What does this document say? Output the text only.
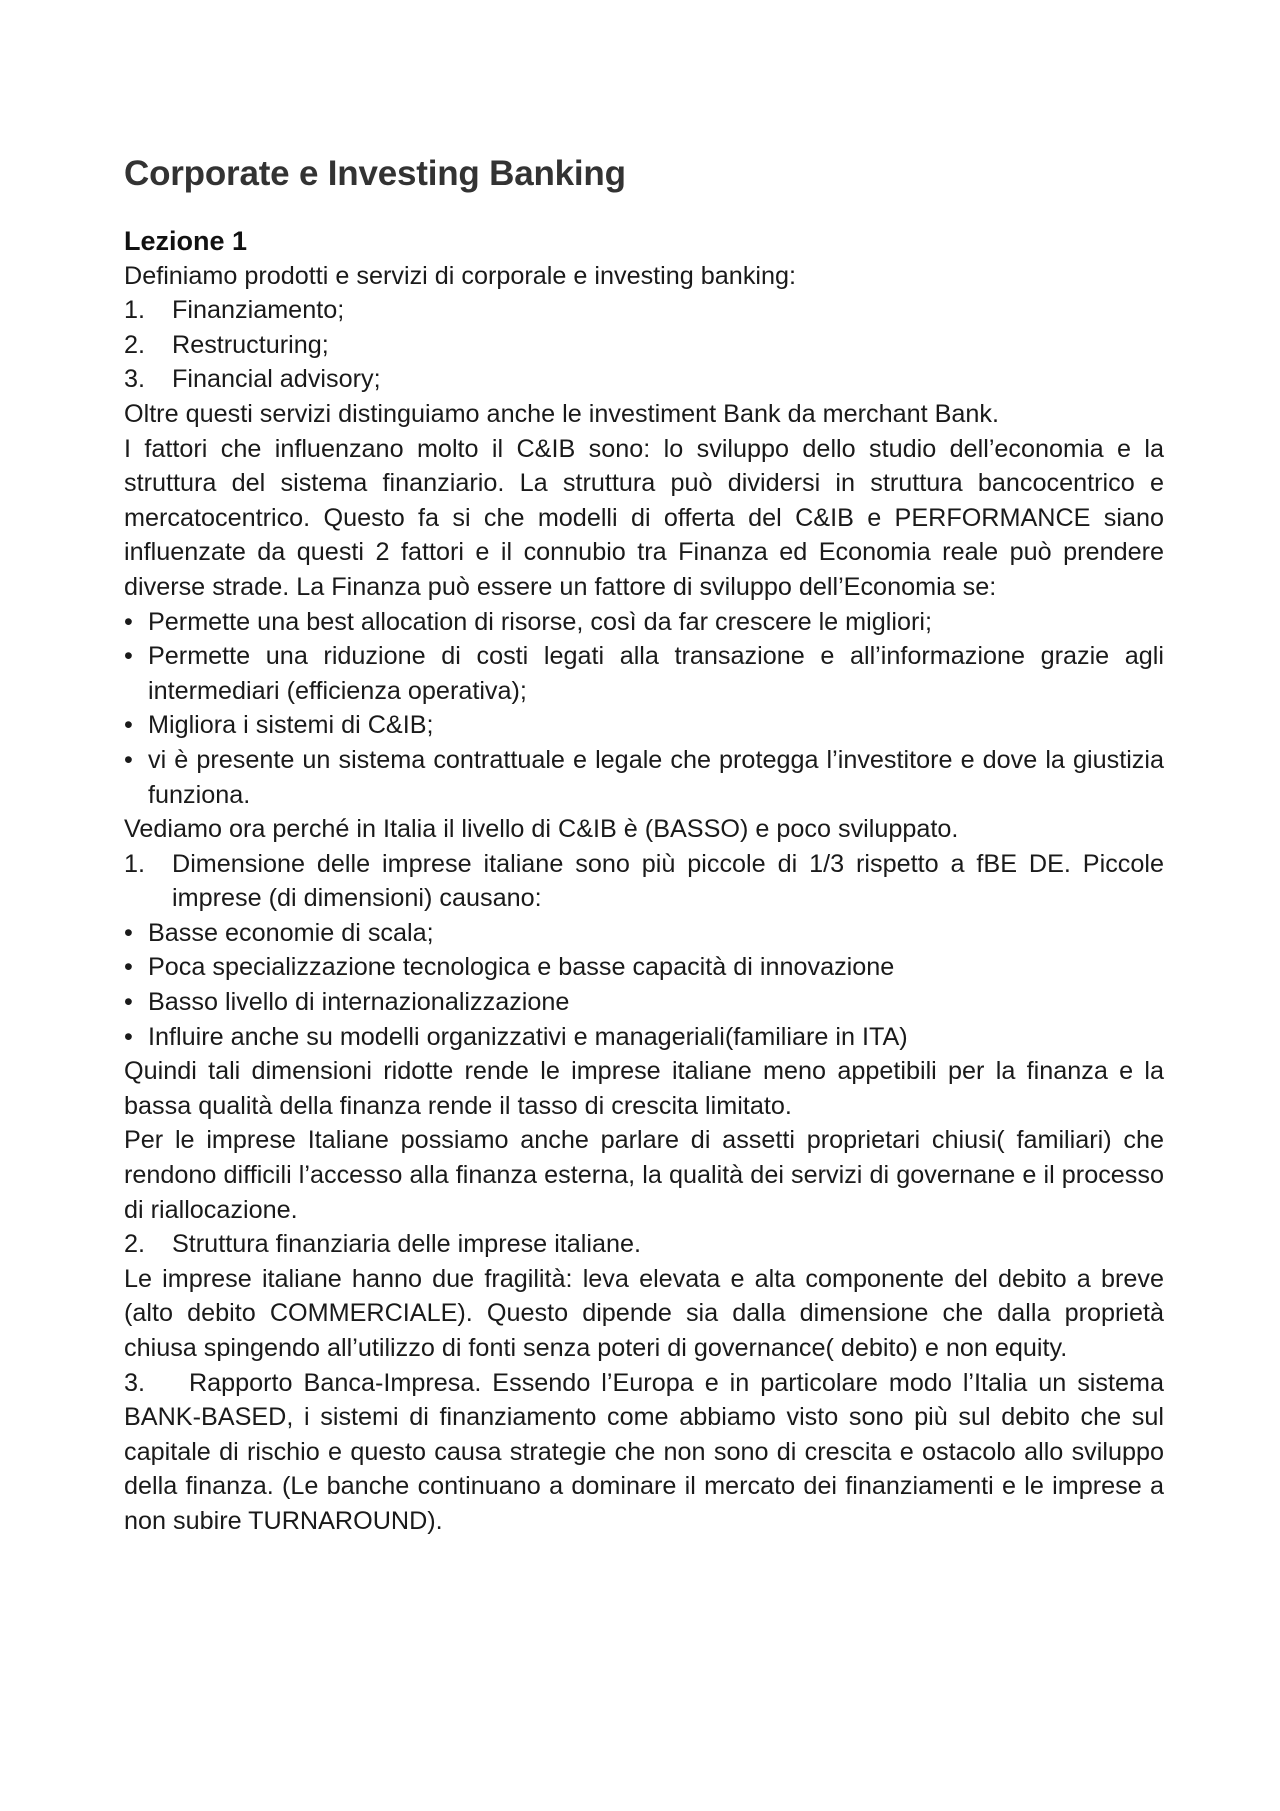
Corporate e Investing Banking
Lezione 1

Definiamo prodotti e servizi di corporale e investing banking:

1.	Finanziamento;
2.	Restructuring;
3.	Financial advisory;

Oltre questi servizi distinguiamo anche le investiment Bank da merchant Bank.

I fattori che influenzano molto il C&IB sono: lo sviluppo dello studio dell’economia e la struttura del sistema finanziario. La struttura può dividersi in struttura bancocentrico e mercatocentrico. Questo fa si che modelli di offerta del C&IB e PERFORMANCE siano influenzate da questi 2 fattori e il connubio tra Finanza ed Economia reale può prendere diverse strade. La Finanza può essere un fattore di sviluppo dell’Economia se:

• Permette una best allocation di risorse, così da far crescere le migliori;
• Permette una riduzione di costi legati alla transazione e all’informazione grazie agli intermediari (efficienza operativa);
• Migliora i sistemi di C&IB;
• vi è presente un sistema contrattuale e legale che protegga l’investitore e dove la giustizia funziona.

Vediamo ora perché in Italia il livello di C&IB è (BASSO) e poco sviluppato.

1.	Dimensione delle imprese italiane sono più piccole di 1/3 rispetto a fBE DE. Piccole imprese (di dimensioni) causano:
• Basse economie di scala;
• Poca specializzazione tecnologica e basse capacità di innovazione
• Basso livello di internazionalizzazione
• Influire anche su modelli organizzativi e manageriali(familiare in ITA)

Quindi tali dimensioni ridotte rende le imprese italiane meno appetibili per la finanza e la bassa qualità della finanza rende il tasso di crescita limitato.

Per le imprese Italiane possiamo anche parlare di assetti proprietari chiusi( familiari) che rendono difficili l’accesso alla finanza esterna, la qualità dei servizi di governane e il processo di riallocazione.

2.	Struttura finanziaria delle imprese italiane.

Le imprese italiane hanno due fragilità: leva elevata e alta componente del debito a breve (alto debito COMMERCIALE). Questo dipende sia dalla dimensione che dalla proprietà chiusa spingendo all’utilizzo di fonti senza poteri di governance( debito) e non equity.

3. Rapporto Banca-Impresa. Essendo l’Europa e in particolare modo l’Italia un sistema BANK-BASED, i sistemi di finanziamento come abbiamo visto sono più sul debito che sul capitale di rischio e questo causa strategie che non sono di crescita e ostacolo allo sviluppo della finanza. (Le banche continuano a dominare il mercato dei finanziamenti e le imprese a non subire TURNAROUND).
